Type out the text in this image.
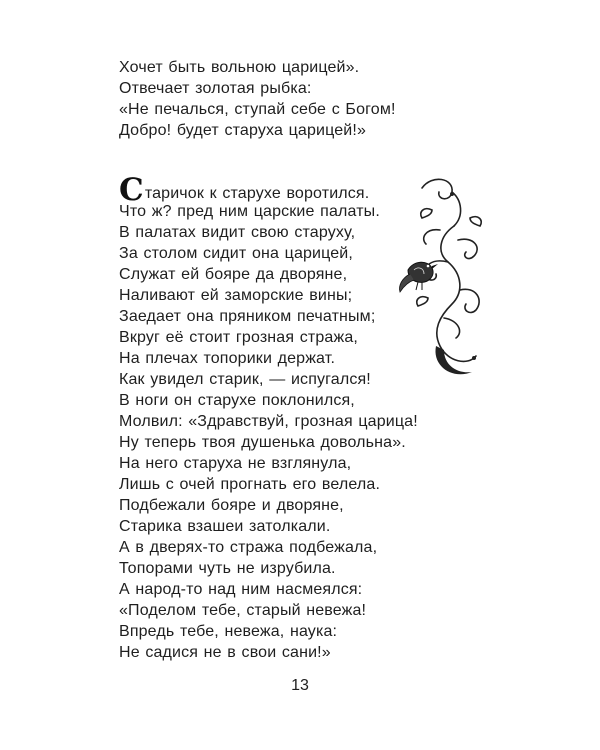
Хочет быть вольною царицей».
Отвечает золотая рыбка:
«Не печалься, ступай себе с Богом!
Добро! будет старуха царицей!»
Старичок к старухе воротился.
Что ж? пред ним царские палаты.
В палатах видит свою старуху,
За столом сидит она царицей,
Служат ей бояре да дворяне,
Наливают ей заморские вины;
Заедает она пряником печатным;
Вкруг её стоит грозная стража,
На плечах топорики держат.
Как увидел старик, — испугался!
В ноги он старухе поклонился,
Молвил: «Здравствуй, грозная царица!
Ну теперь твоя душенька довольна».
На него старуха не взглянула,
Лишь с очей прогнать его велела.
Подбежали бояре и дворяне,
Старика взашеи затолкали.
А в дверях-то стража подбежала,
Топорами чуть не изрубила.
А народ-то над ним насмеялся:
«Поделом тебе, старый невежа!
Впредь тебе, невежа, наука:
Не садися не в свои сани!»
13
